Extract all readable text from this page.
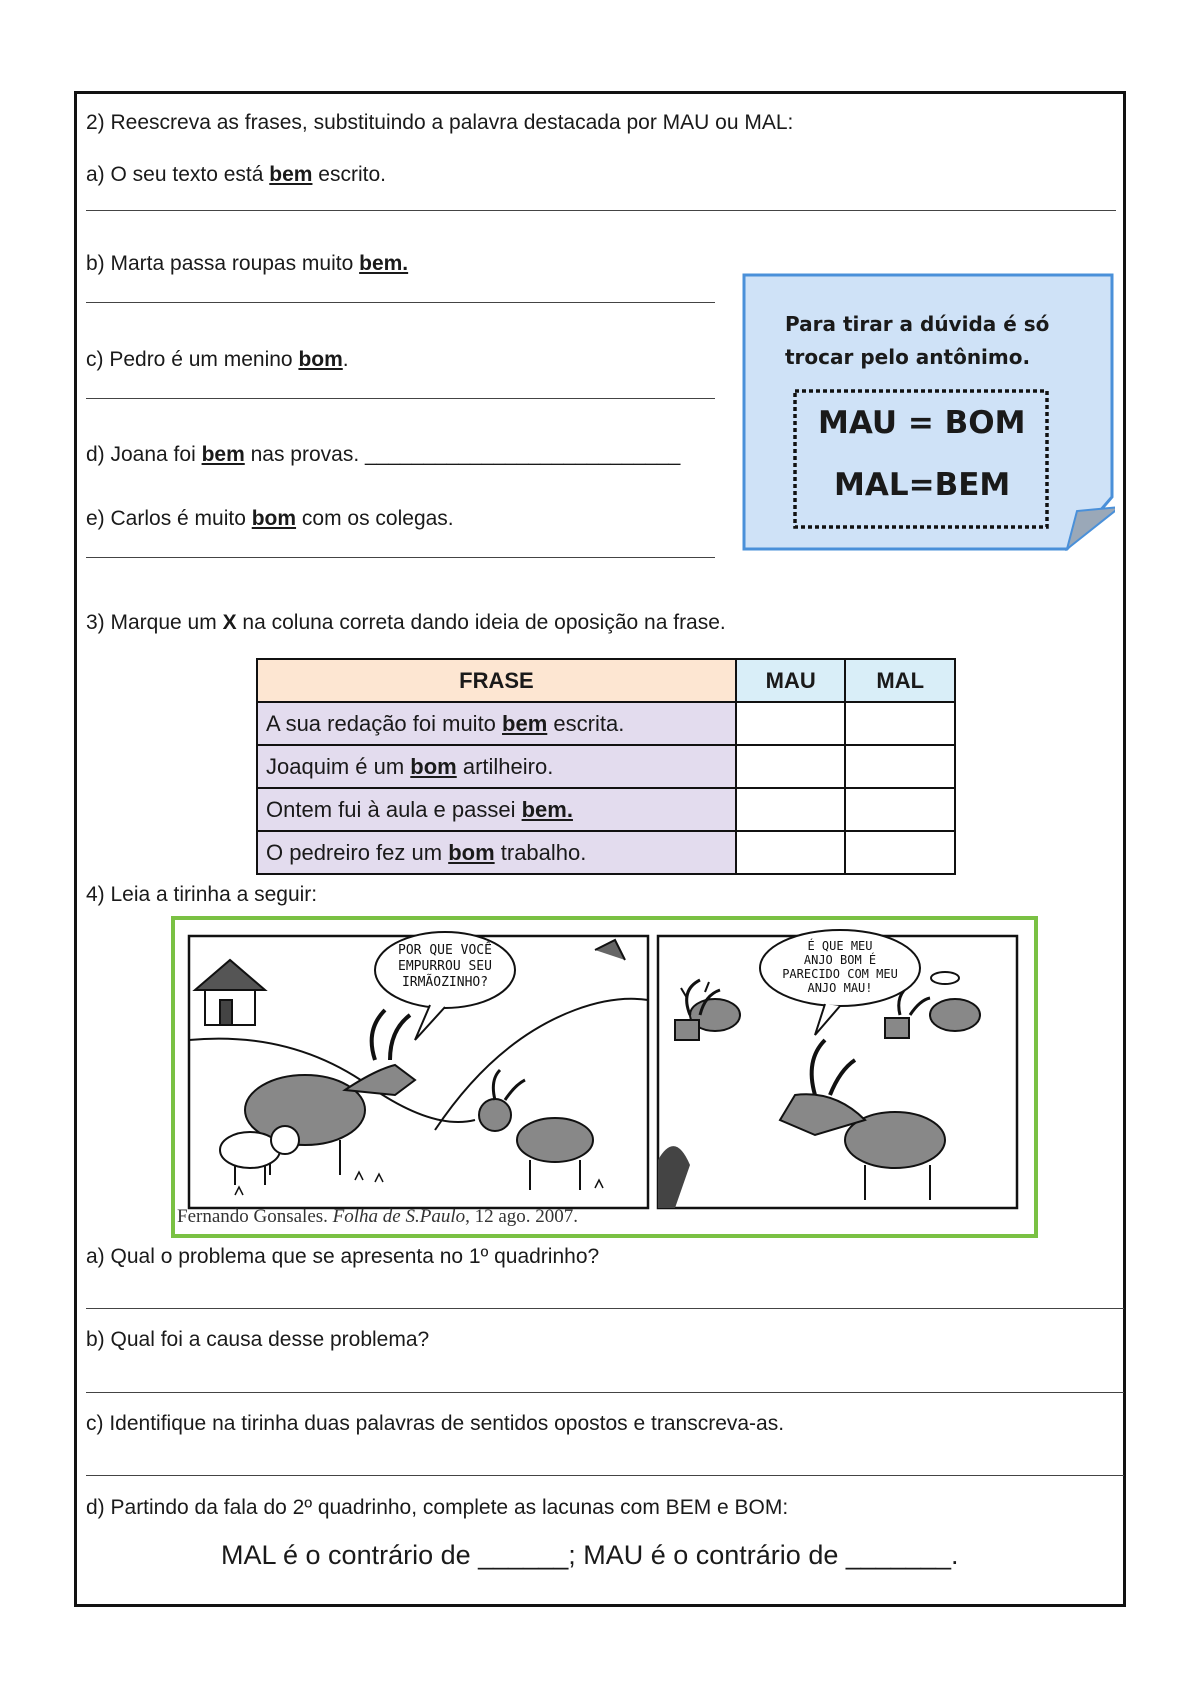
2) Reescreva as frases, substituindo a palavra destacada por MAU ou MAL:
a) O seu texto está bem escrito.
b) Marta passa roupas muito bem.
c) Pedro é um menino bom.
d) Joana foi bem nas provas. ___________________________
e) Carlos é muito bom com os colegas.
Para tirar a dúvida é só
trocar pelo antônimo.
MAU = BOM
MAL=BEM
3) Marque um X na coluna correta dando ideia de oposição na frase.
FRASE	MAU	MAL
A sua redação foi muito bem escrita.		
Joaquim é um bom artilheiro.		
Ontem fui à aula e passei bem.		
O pedreiro fez um bom trabalho.		
4) Leia a tirinha a seguir:
POR QUE VOCÊ
EMPURROU SEU
IRMÃOZINHO?
É QUE MEU
ANJO BOM É
PARECIDO COM MEU
ANJO MAU!
Fernando Gonsales. Folha de S.Paulo, 12 ago. 2007.
a) Qual o problema que se apresenta no 1º quadrinho?
b) Qual foi a causa desse problema?
c) Identifique na tirinha duas palavras de sentidos opostos e transcreva-as.
d) Partindo da fala do 2º quadrinho, complete as lacunas com BEM e BOM:
MAL é o contrário de ______; MAU é o contrário de _______.
